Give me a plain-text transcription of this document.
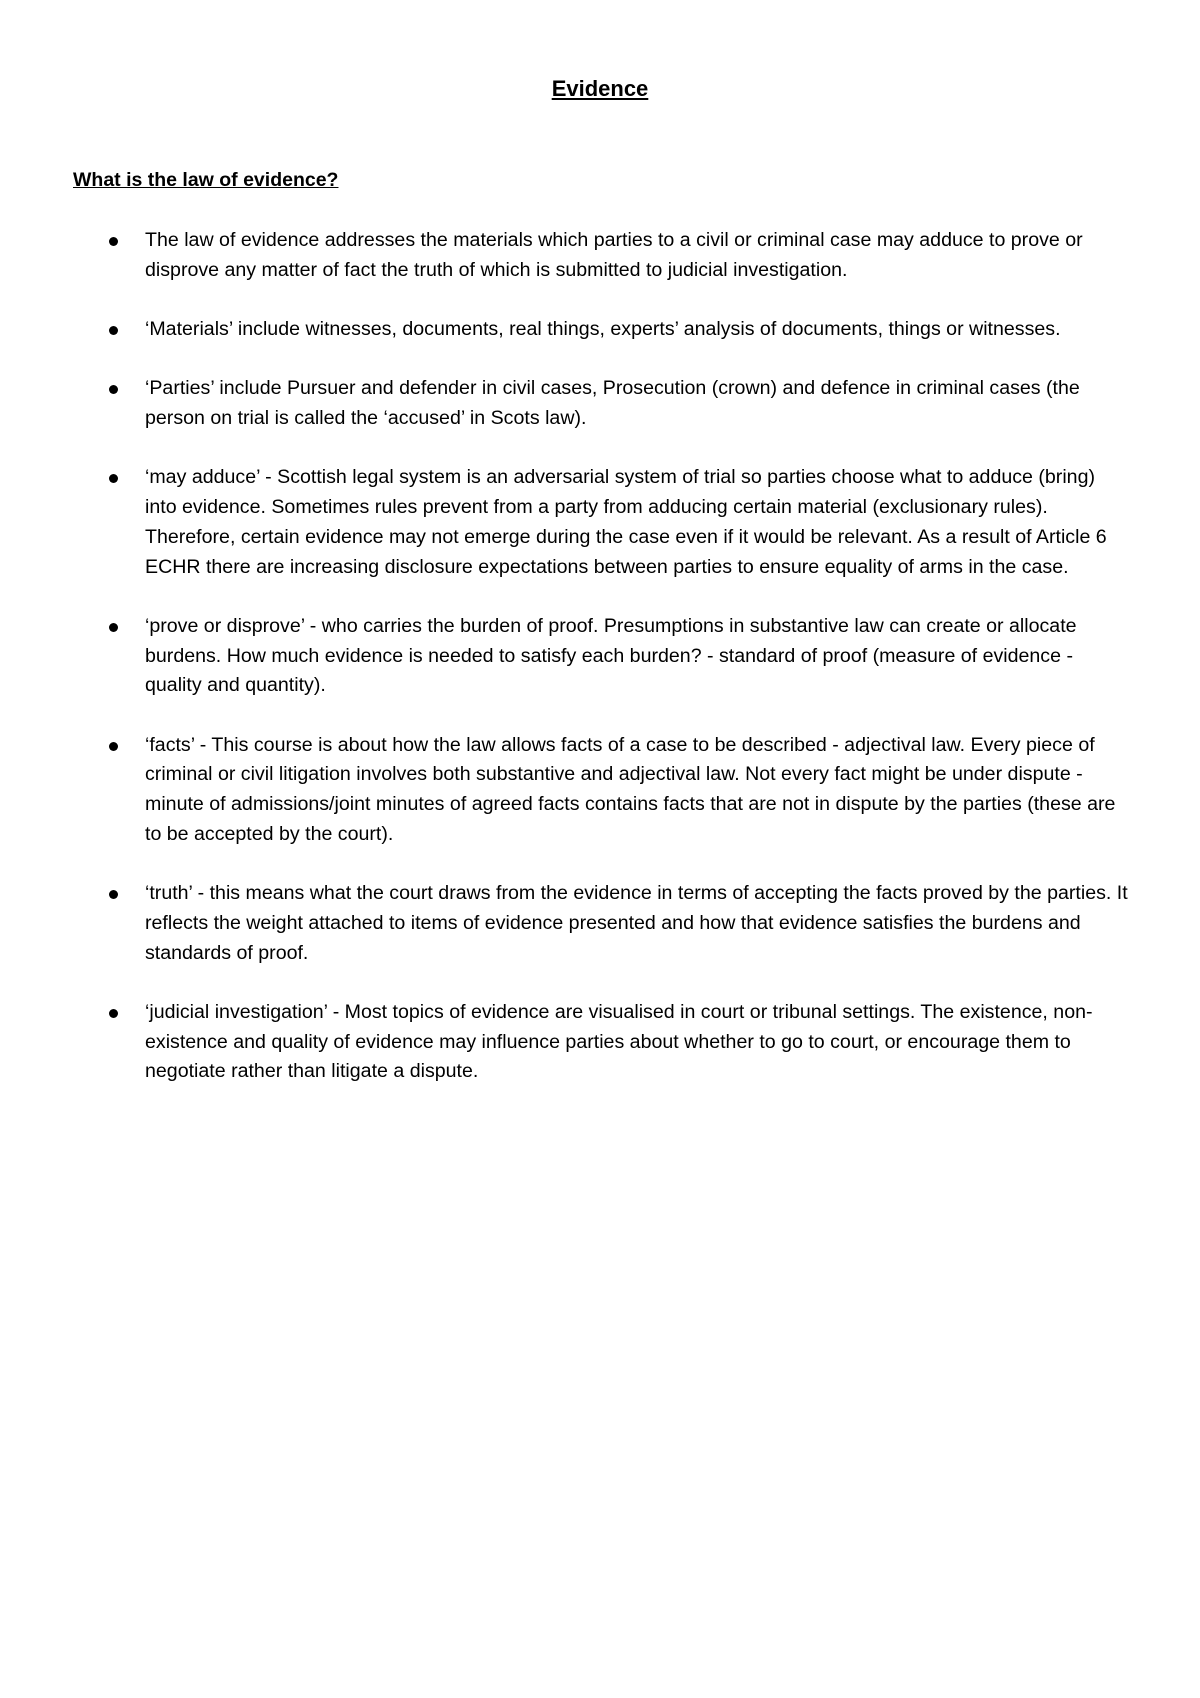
Evidence
What is the law of evidence?
The law of evidence addresses the materials which parties to a civil or criminal case may adduce to prove or disprove any matter of fact the truth of which is submitted to judicial investigation.
‘Materials’ include witnesses, documents, real things, experts’ analysis of documents, things or witnesses.
‘Parties’ include Pursuer and defender in civil cases, Prosecution (crown) and defence in criminal cases (the person on trial is called the ‘accused’ in Scots law).
‘may adduce’ - Scottish legal system is an adversarial system of trial so parties choose what to adduce (bring) into evidence. Sometimes rules prevent from a party from adducing certain material (exclusionary rules). Therefore, certain evidence may not emerge during the case even if it would be relevant. As a result of Article 6 ECHR there are increasing disclosure expectations between parties to ensure equality of arms in the case.
‘prove or disprove’ - who carries the burden of proof. Presumptions in substantive law can create or allocate burdens. How much evidence is needed to satisfy each burden? - standard of proof (measure of evidence - quality and quantity).
‘facts’ - This course is about how the law allows facts of a case to be described - adjectival law. Every piece of criminal or civil litigation involves both substantive and adjectival law. Not every fact might be under dispute - minute of admissions/joint minutes of agreed facts contains facts that are not in dispute by the parties (these are to be accepted by the court).
‘truth’ - this means what the court draws from the evidence in terms of accepting the facts proved by the parties. It reflects the weight attached to items of evidence presented and how that evidence satisfies the burdens and standards of proof.
‘judicial investigation’ - Most topics of evidence are visualised in court or tribunal settings. The existence, non-existence and quality of evidence may influence parties about whether to go to court, or encourage them to negotiate rather than litigate a dispute.
